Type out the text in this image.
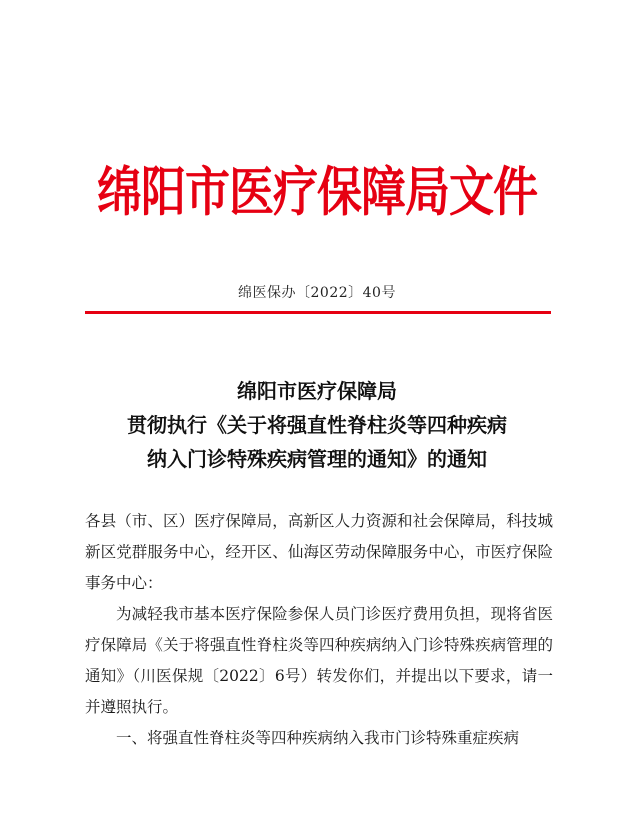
绵阳市医疗保障局文件
绵医保办〔2022〕40号
绵阳市医疗保障局
贯彻执行《关于将强直性脊柱炎等四种疾病
纳入门诊特殊疾病管理的通知》的通知

各县（市、区）医疗保障局，高新区人力资源和社会保障局，科技城新区党群服务中心，经开区、仙海区劳动保障服务中心，市医疗保险事务中心：

为减轻我市基本医疗保险参保人员门诊医疗费用负担，现将省医疗保障局《关于将强直性脊柱炎等四种疾病纳入门诊特殊疾病管理的通知》（川医保规〔2022〕6号）转发你们，并提出以下要求，请一并遵照执行。

一、将强直性脊柱炎等四种疾病纳入我市门诊特殊重症疾病
